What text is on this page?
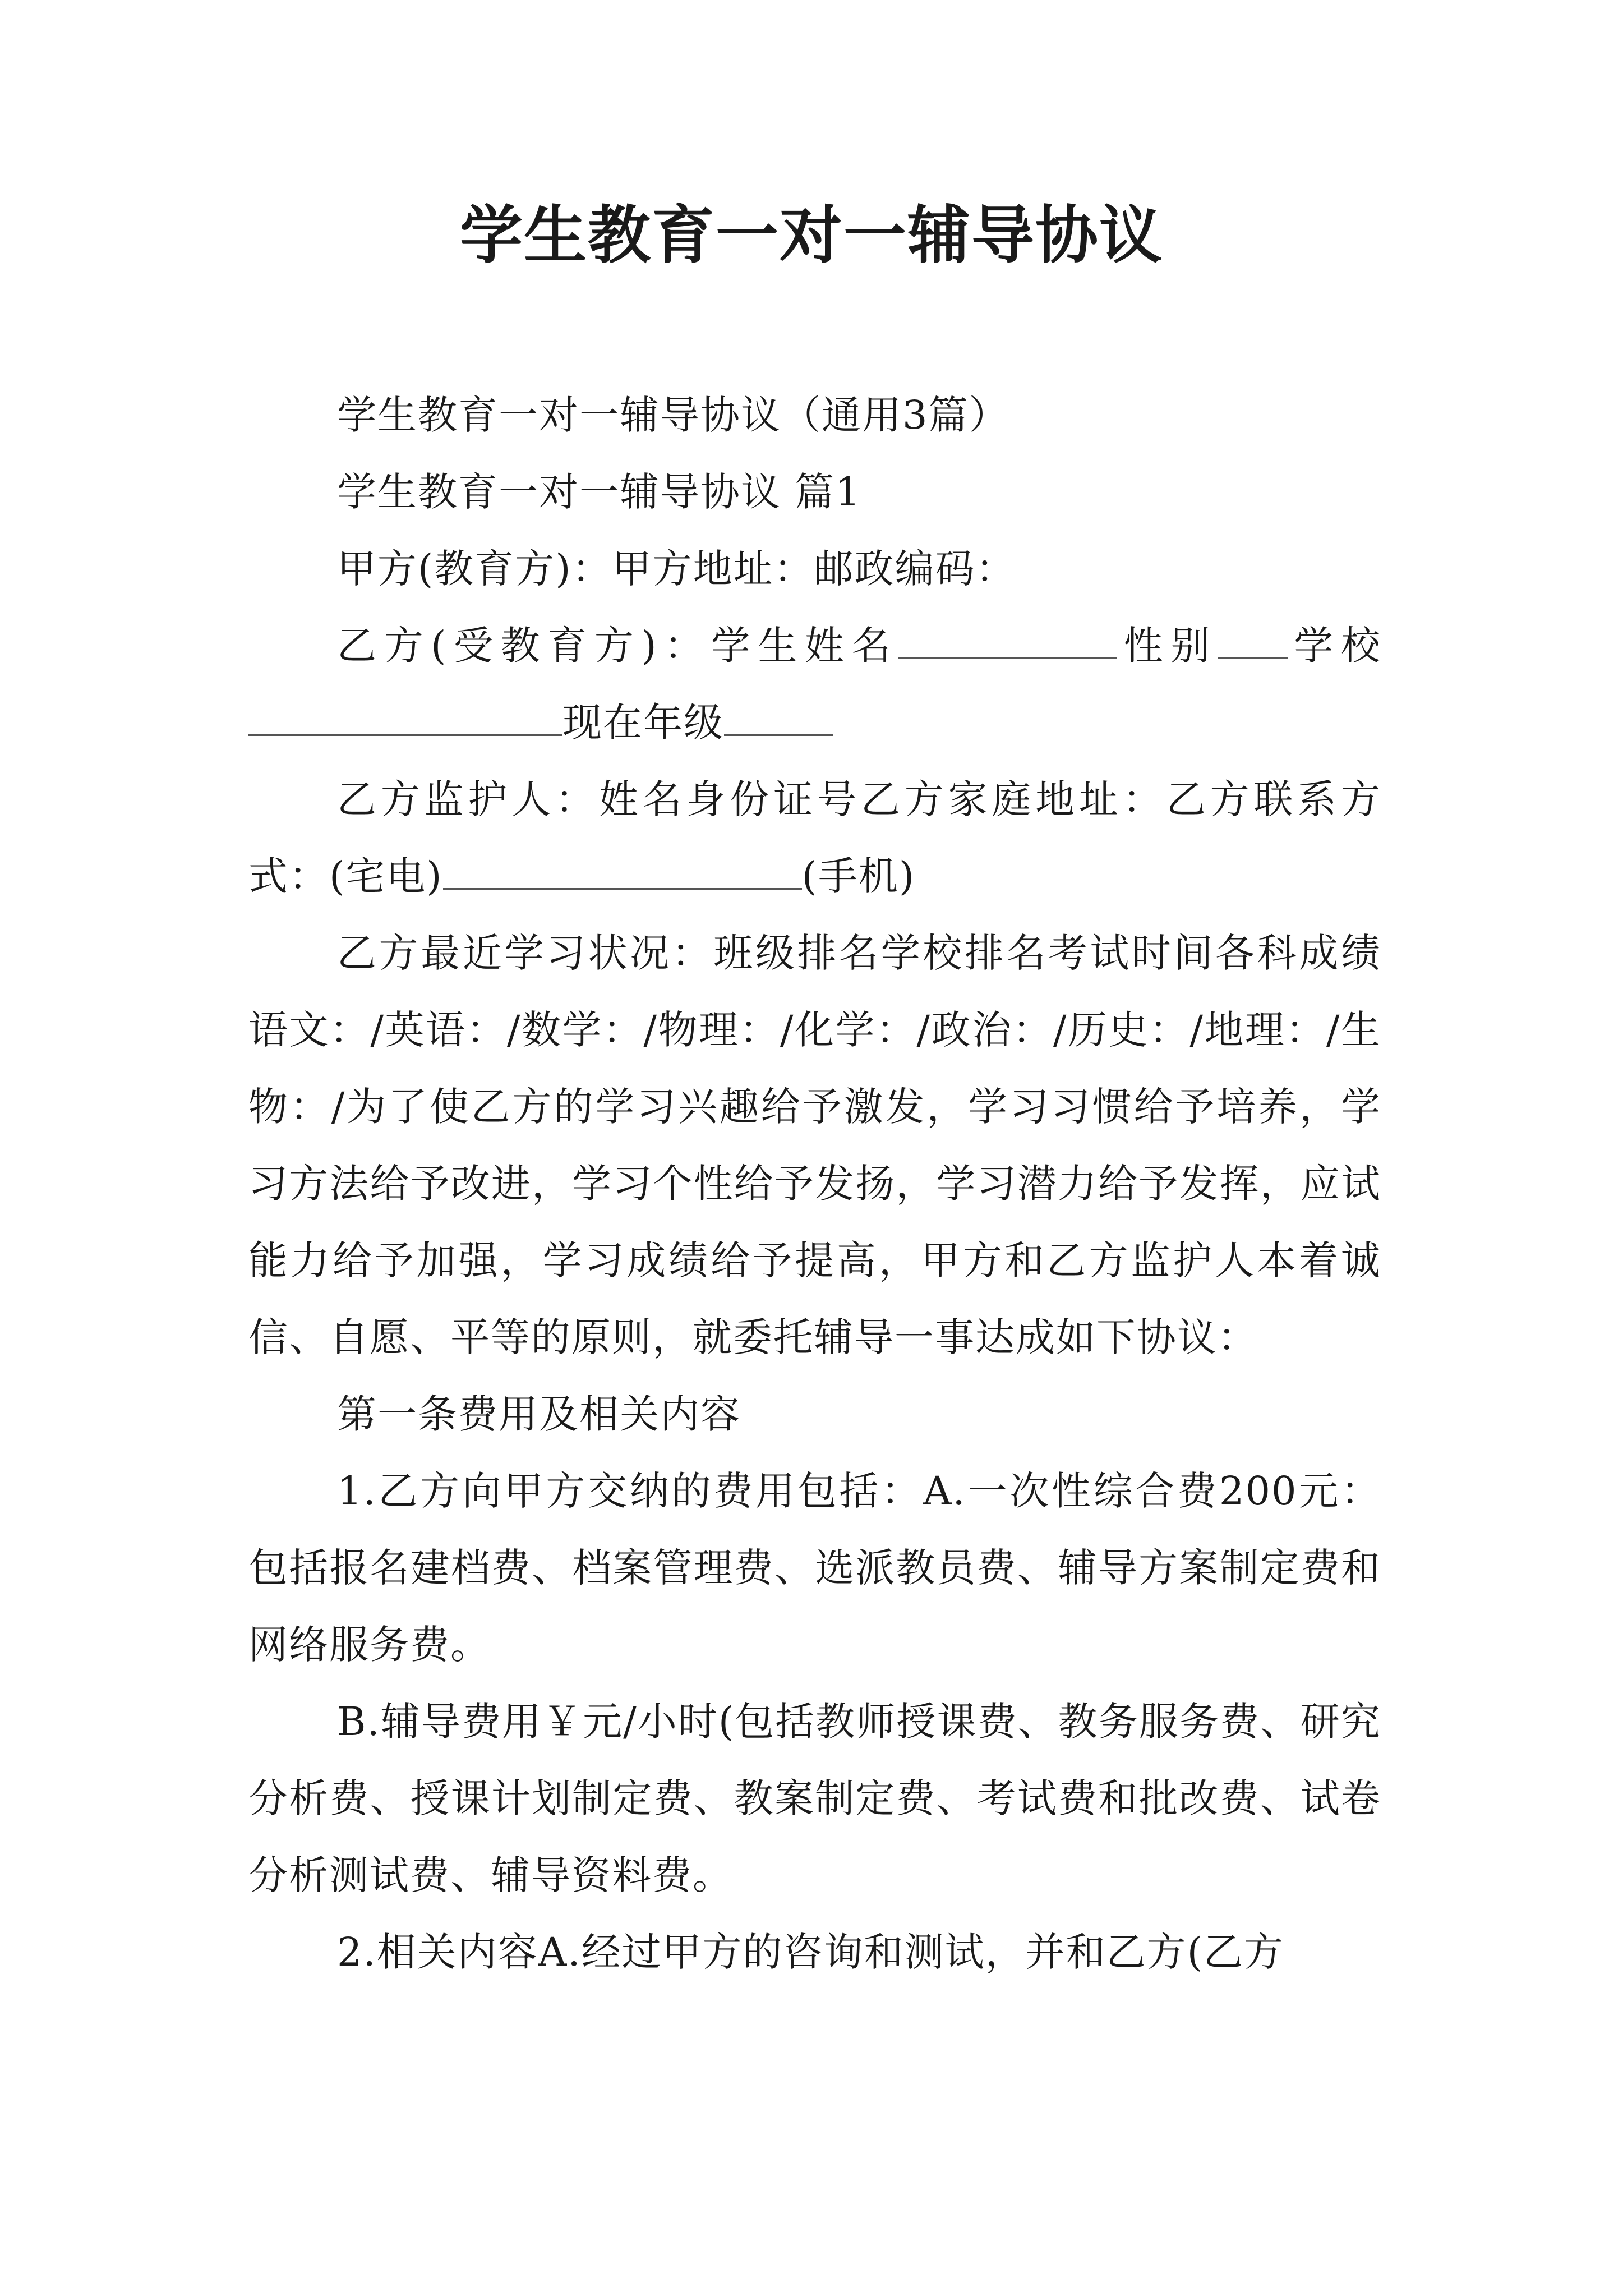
学生教育一对一辅导协议

学生教育一对一辅导协议（通用3篇）

学生教育一对一辅导协议 篇1

甲方(教育方)：甲方地址：邮政编码：

乙方(受教育方)：学生姓名	性别 学校现在年级

乙方监护人：姓名身份证号乙方家庭地址：乙方联系方式：(宅电)	(手机)

乙方最近学习状况：班级排名学校排名考试时间各科成绩语文：/英语：/数学：/物理：/化学：/政治：/历史：/地理：/生物：/为了使乙方的学习兴趣给予激发，学习习惯给予培养，学习方法给予改进，学习个性给予发扬，学习潜力给予发挥，应试能力给予加强，学习成绩给予提高，甲方和乙方监护人本着诚信、自愿、平等的原则，就委托辅导一事达成如下协议：

第一条费用及相关内容

1.乙方向甲方交纳的费用包括：A.一次性综合费200元：包括报名建档费、档案管理费、选派教员费、辅导方案制定费和网络服务费。

B.辅导费用￥元/小时(包括教师授课费、教务服务费、研究分析费、授课计划制定费、教案制定费、考试费和批改费、试卷分析测试费、辅导资料费。

2.相关内容A.经过甲方的咨询和测试，并和乙方(乙方
